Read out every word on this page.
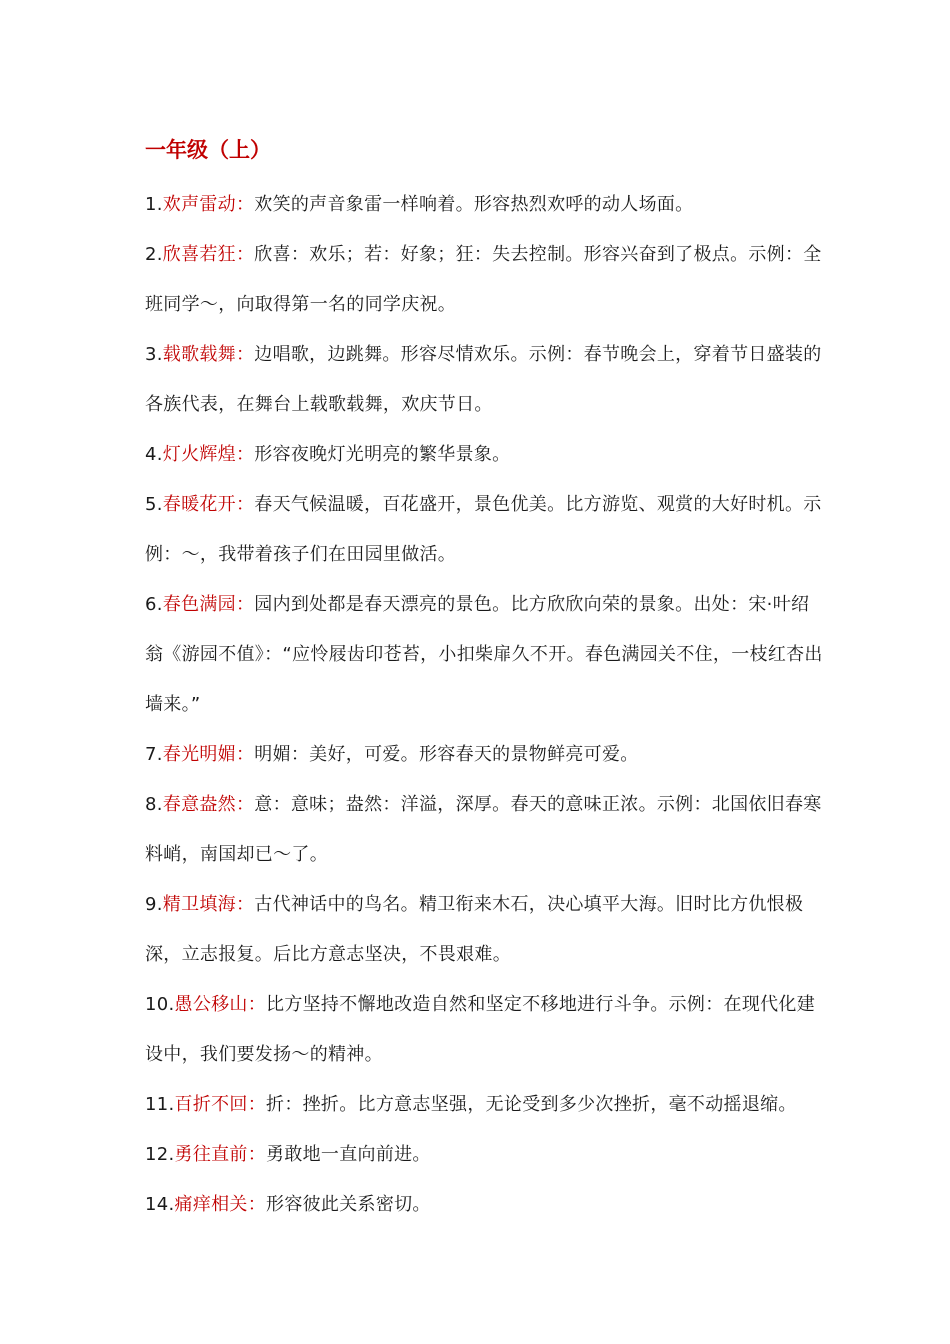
一年级（上）

1.欢声雷动：欢笑的声音象雷一样响着。形容热烈欢呼的动人场面。

2.欣喜若狂：欣喜：欢乐；若：好象；狂：失去控制。形容兴奋到了极点。示例：全班同学～，向取得第一名的同学庆祝。

3.载歌载舞：边唱歌，边跳舞。形容尽情欢乐。示例：春节晚会上，穿着节日盛装的各族代表，在舞台上载歌载舞，欢庆节日。

4.灯火辉煌：形容夜晚灯光明亮的繁华景象。

5.春暖花开：春天气候温暖，百花盛开，景色优美。比方游览、观赏的大好时机。示例：～，我带着孩子们在田园里做活。

6.春色满园：园内到处都是春天漂亮的景色。比方欣欣向荣的景象。出处：宋·叶绍翁《游园不值》：“应怜屐齿印苍苔，小扣柴扉久不开。春色满园关不住，一枝红杏出墙来。”

7.春光明媚：明媚：美好，可爱。形容春天的景物鲜亮可爱。

8.春意盎然：意：意味；盎然：洋溢，深厚。春天的意味正浓。示例：北国依旧春寒料峭，南国却已～了。

9.精卫填海：古代神话中的鸟名。精卫衔来木石，决心填平大海。旧时比方仇恨极深，立志报复。后比方意志坚决，不畏艰难。

10.愚公移山：比方坚持不懈地改造自然和坚定不移地进行斗争。示例：在现代化建设中，我们要发扬～的精神。

11.百折不回：折：挫折。比方意志坚强，无论受到多少次挫折，毫不动摇退缩。

12.勇往直前：勇敢地一直向前进。

14.痛痒相关：形容彼此关系密切。
